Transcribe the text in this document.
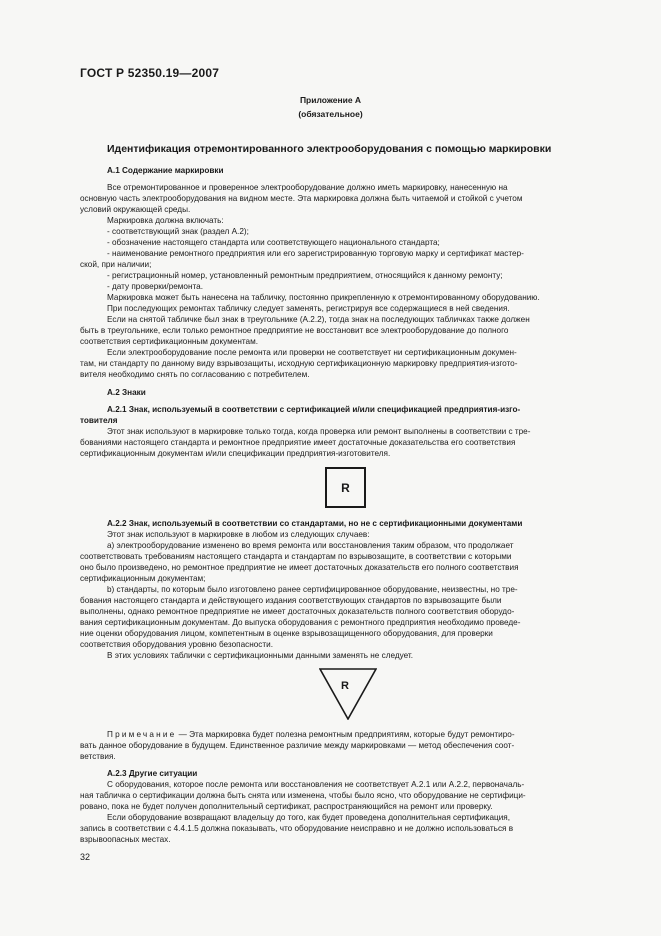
ГОСТ Р 52350.19—2007
Приложение А
(обязательное)
Идентификация отремонтированного электрооборудования с помощью маркировки
А.1 Содержание маркировки
Все отремонтированное и проверенное электрооборудование должно иметь маркировку, нанесенную на
основную часть электрооборудования на видном месте. Эта маркировка должна быть читаемой и стойкой с учетом
условий окружающей среды.
Маркировка должна включать:
- соответствующий знак (раздел А.2);
- обозначение настоящего стандарта или соответствующего национального стандарта;
- наименование ремонтного предприятия или его зарегистрированную торговую марку и сертификат мастер-
ской, при наличии;
- регистрационный номер, установленный ремонтным предприятием, относящийся к данному ремонту;
- дату проверки/ремонта.
Маркировка может быть нанесена на табличку, постоянно прикрепленную к отремонтированному оборудованию.
При последующих ремонтах табличку следует заменять, регистрируя все содержащиеся в ней сведения.
Если на снятой табличке был знак в треугольнике (А.2.2), тогда знак на последующих табличках также должен
быть в треугольнике, если только ремонтное предприятие не восстановит все электрооборудование до полного
соответствия сертификационным документам.
Если электрооборудование после ремонта или проверки не соответствует ни сертификационным докумен-
там, ни стандарту по данному виду взрывозащиты, исходную сертификационную маркировку предприятия-изгото-
вителя необходимо снять по согласованию с потребителем.
А.2 Знаки
А.2.1 Знак, используемый в соответствии с сертификацией и/или спецификацией предприятия-изго-
товителя
Этот знак используют в маркировке только тогда, когда проверка или ремонт выполнены в соответствии с тре-
бованиями настоящего стандарта и ремонтное предприятие имеет достаточные доказательства его соответствия
сертификационным документам и/или спецификации предприятия-изготовителя.
R
А.2.2 Знак, используемый в соответствии со стандартами, но не с сертификационными документами
Этот знак используют в маркировке в любом из следующих случаев:
а) электрооборудование изменено во время ремонта или восстановления таким образом, что продолжает
соответствовать требованиям настоящего стандарта и стандартам по взрывозащите, в соответствии с которыми
оно было произведено, но ремонтное предприятие не имеет достаточных доказательств его полного соответствия
сертификационным документам;
b) стандарты, по которым было изготовлено ранее сертифицированное оборудование, неизвестны, но тре-
бования настоящего стандарта и действующего издания соответствующих стандартов по взрывозащите были
выполнены, однако ремонтное предприятие не имеет достаточных доказательств полного соответствия оборудо-
вания сертификационным документам. До выпуска оборудования с ремонтного предприятия необходимо проведе-
ние оценки оборудования лицом, компетентным в оценке взрывозащищенного оборудования, для проверки
соответствия оборудования уровню безопасности.
В этих условиях таблички с сертификационными данными заменять не следует.
R
Примечание — Эта маркировка будет полезна ремонтным предприятиям, которые будут ремонтиро-
вать данное оборудование в будущем. Единственное различие между маркировками — метод обеспечения соот-
ветствия.
А.2.3 Другие ситуации
С оборудования, которое после ремонта или восстановления не соответствует А.2.1 или А.2.2, первоначаль-
ная табличка о сертификации должна быть снята или изменена, чтобы было ясно, что оборудование не сертифици-
ровано, пока не будет получен дополнительный сертификат, распространяющийся на ремонт или проверку.
Если оборудование возвращают владельцу до того, как будет проведена дополнительная сертификация,
запись в соответствии с 4.4.1.5 должна показывать, что оборудование неисправно и не должно использоваться в
взрывоопасных местах.
32
